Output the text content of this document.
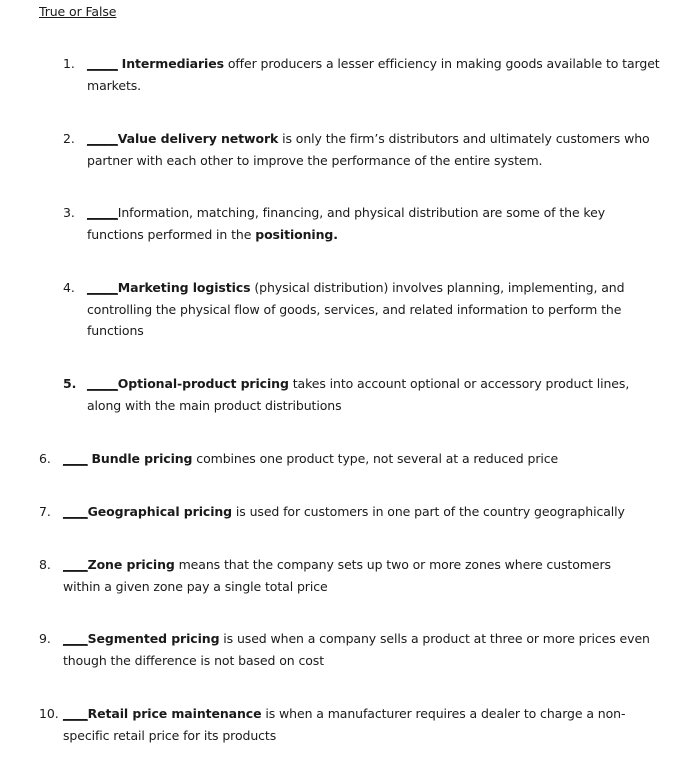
True or False
1. _____ Intermediaries offer producers a lesser efficiency in making goods available to target markets.
2. _____Value delivery network is only the firm’s distributors and ultimately customers who partner with each other to improve the performance of the entire system.
3. _____Information, matching, financing, and physical distribution are some of the key functions performed in the positioning.
4. _____Marketing logistics (physical distribution) involves planning, implementing, and controlling the physical flow of goods, services, and related information to perform the functions
5. _____Optional-product pricing takes into account optional or accessory product lines, along with the main product distributions
6. ____ Bundle pricing combines one product type, not several at a reduced price
7. ____Geographical pricing is used for customers in one part of the country geographically
8. ____Zone pricing means that the company sets up two or more zones where customers within a given zone pay a single total price
9. ____Segmented pricing is used when a company sells a product at three or more prices even though the difference is not based on cost
10. ____Retail price maintenance is when a manufacturer requires a dealer to charge a non-specific retail price for its products
